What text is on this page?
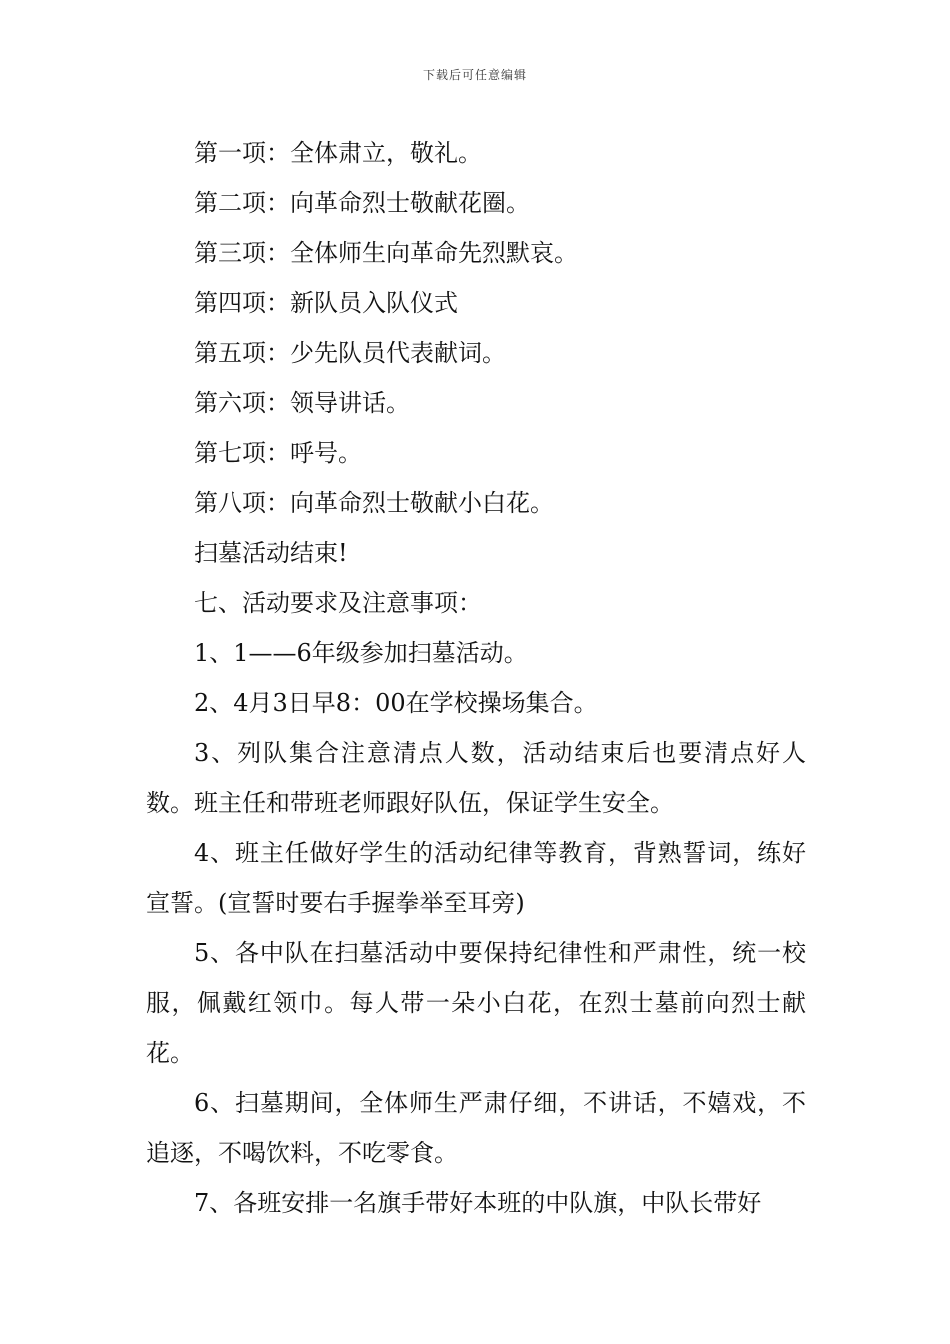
下载后可任意编辑

第一项：全体肃立，敬礼。

第二项：向革命烈士敬献花圈。

第三项：全体师生向革命先烈默哀。

第四项：新队员入队仪式

第五项：少先队员代表献词。

第六项：领导讲话。

第七项：呼号。

第八项：向革命烈士敬献小白花。

扫墓活动结束!

七、活动要求及注意事项：

1、1——6年级参加扫墓活动。

2、4月3日早8：00在学校操场集合。

3、列队集合注意清点人数，活动结束后也要清点好人数。班主任和带班老师跟好队伍，保证学生安全。

4、班主任做好学生的活动纪律等教育，背熟誓词，练好宣誓。(宣誓时要右手握拳举至耳旁)

5、各中队在扫墓活动中要保持纪律性和严肃性，统一校服，佩戴红领巾。每人带一朵小白花，在烈士墓前向烈士献花。

6、扫墓期间，全体师生严肃仔细，不讲话，不嬉戏，不追逐，不喝饮料，不吃零食。

7、各班安排一名旗手带好本班的中队旗，中队长带好
